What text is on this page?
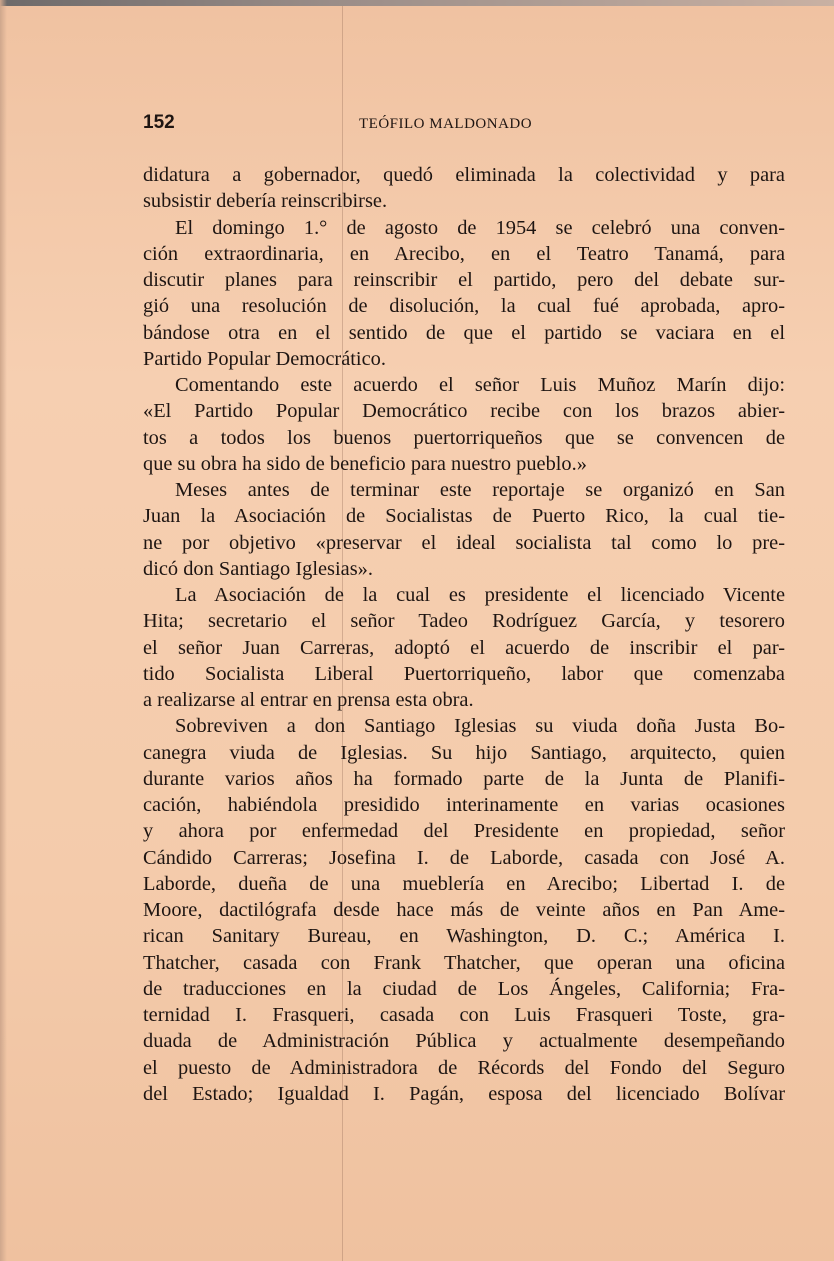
152	TEÓFILO MALDONADO
didatura a gobernador, quedó eliminada la colectividad y para
subsistir debería reinscribirse.
El domingo 1.° de agosto de 1954 se celebró una conven-
ción extraordinaria, en Arecibo, en el Teatro Tanamá, para
discutir planes para reinscribir el partido, pero del debate sur-
gió una resolución de disolución, la cual fué aprobada, apro-
bándose otra en el sentido de que el partido se vaciara en el
Partido Popular Democrático.
Comentando este acuerdo el señor Luis Muñoz Marín dijo:
«El Partido Popular Democrático recibe con los brazos abier-
tos a todos los buenos puertorriqueños que se convencen de
que su obra ha sido de beneficio para nuestro pueblo.»
Meses antes de terminar este reportaje se organizó en San
Juan la Asociación de Socialistas de Puerto Rico, la cual tie-
ne por objetivo «preservar el ideal socialista tal como lo pre-
dicó don Santiago Iglesias».
La Asociación de la cual es presidente el licenciado Vicente
Hita; secretario el señor Tadeo Rodríguez García, y tesorero
el señor Juan Carreras, adoptó el acuerdo de inscribir el par-
tido Socialista Liberal Puertorriqueño, labor que comenzaba
a realizarse al entrar en prensa esta obra.
Sobreviven a don Santiago Iglesias su viuda doña Justa Bo-
canegra viuda de Iglesias. Su hijo Santiago, arquitecto, quien
durante varios años ha formado parte de la Junta de Planifi-
cación, habiéndola presidido interinamente en varias ocasiones
y ahora por enfermedad del Presidente en propiedad, señor
Cándido Carreras; Josefina I. de Laborde, casada con José A.
Laborde, dueña de una mueblería en Arecibo; Libertad I. de
Moore, dactilógrafa desde hace más de veinte años en Pan Ame-
rican Sanitary Bureau, en Washington, D. C.; América I.
Thatcher, casada con Frank Thatcher, que operan una oficina
de traducciones en la ciudad de Los Ángeles, California; Fra-
ternidad I. Frasqueri, casada con Luis Frasqueri Toste, gra-
duada de Administración Pública y actualmente desempeñando
el puesto de Administradora de Récords del Fondo del Seguro
del Estado; Igualdad I. Pagán, esposa del licenciado Bolívar
